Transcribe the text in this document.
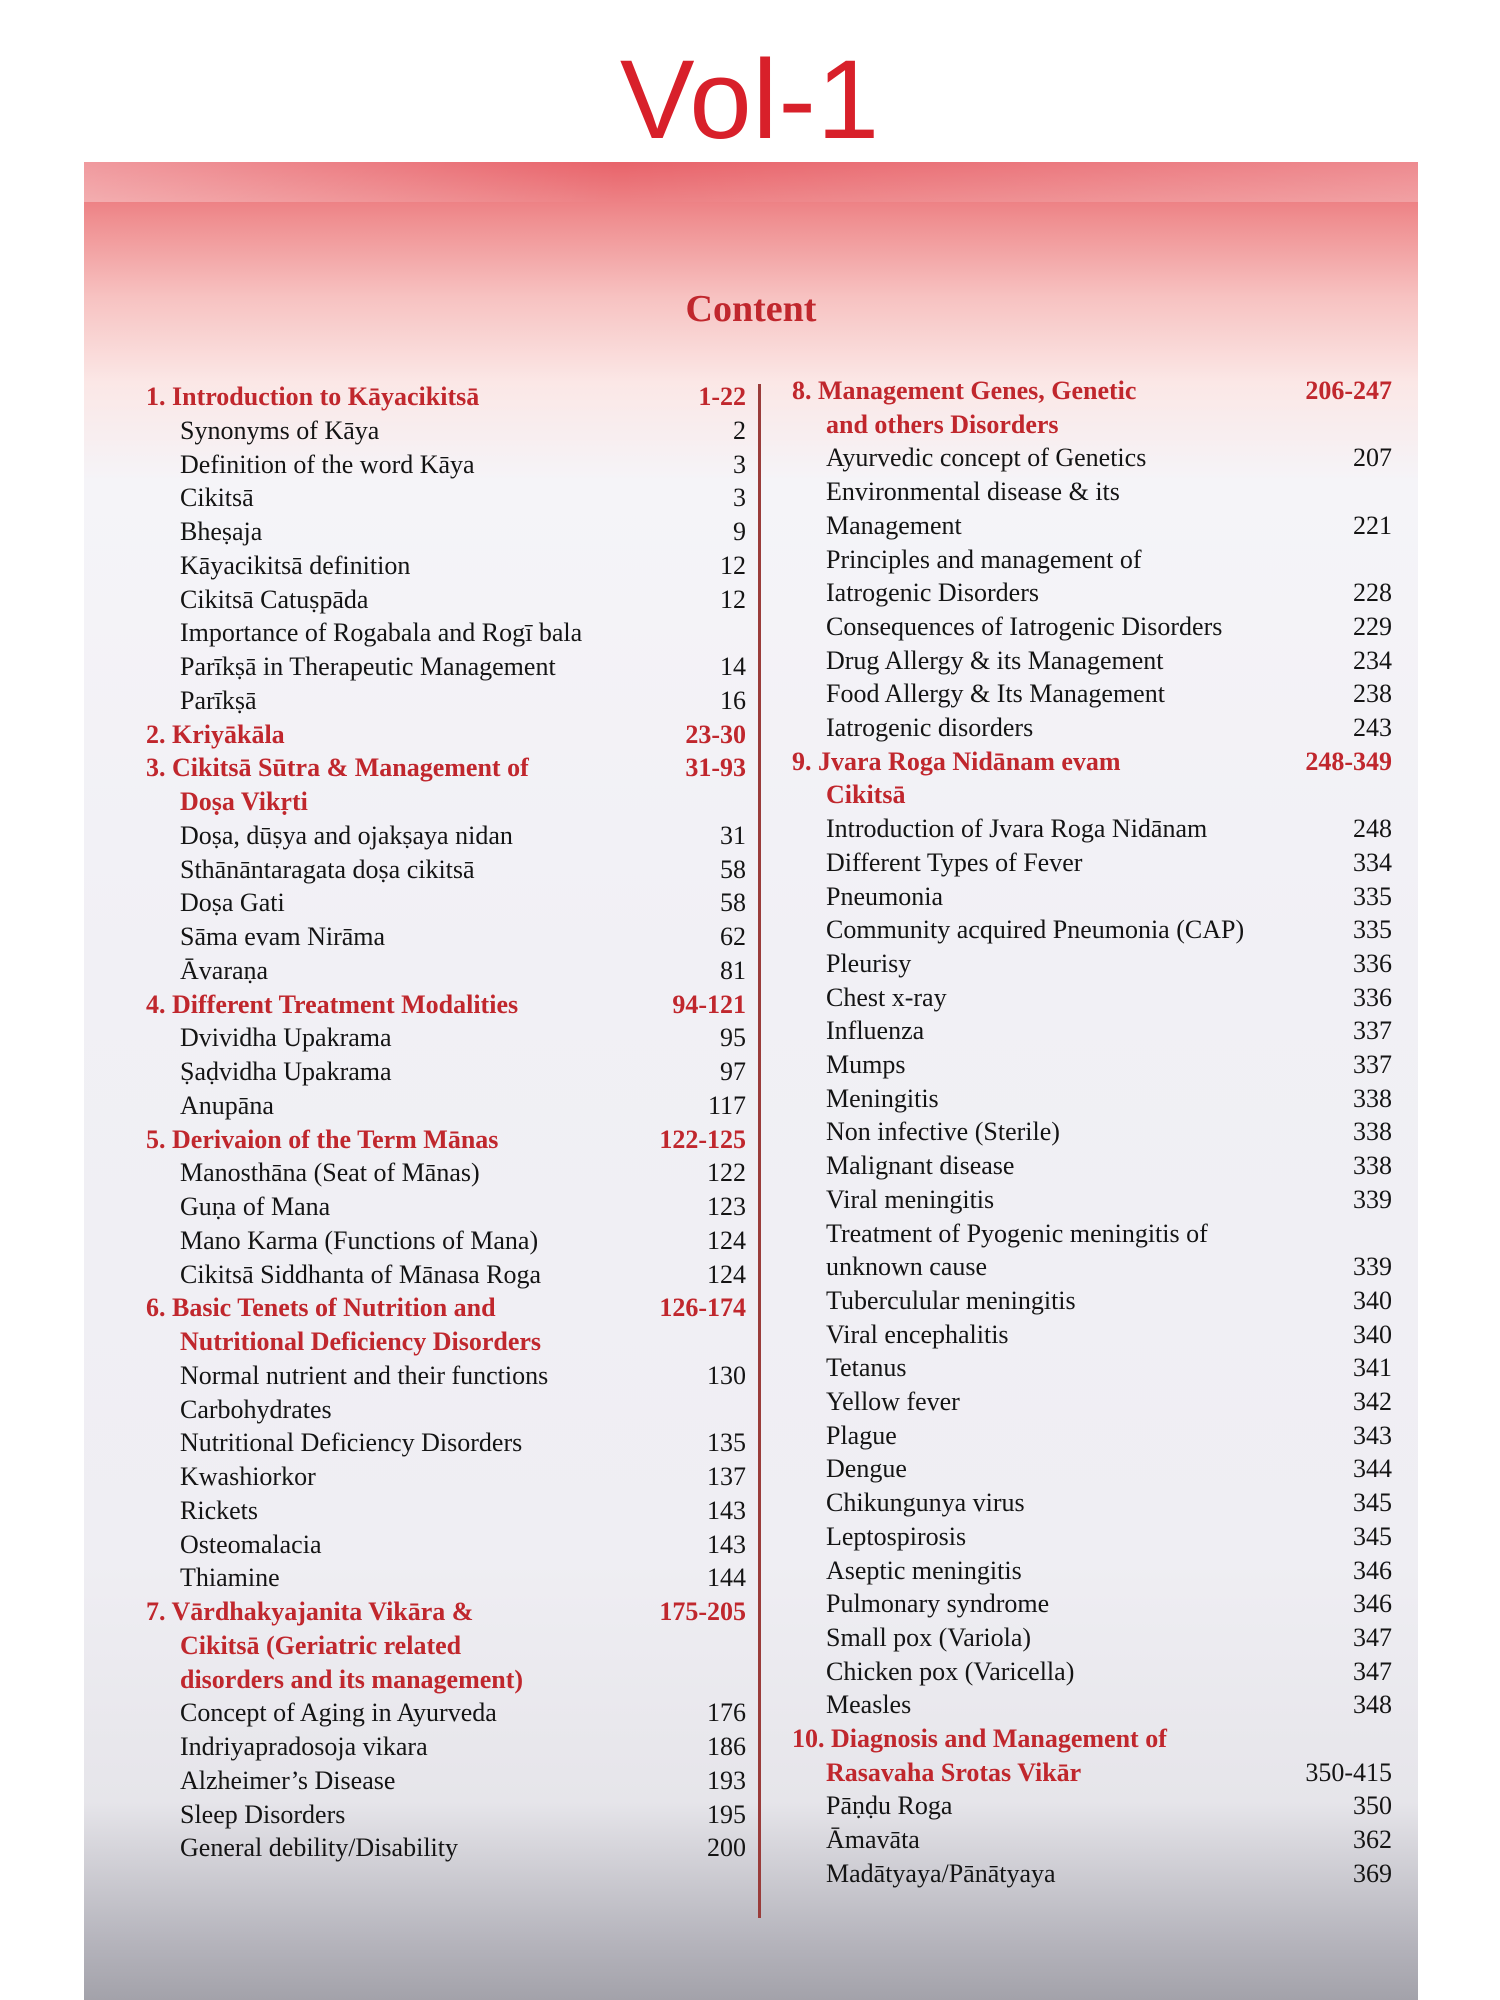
Vol-1
Content
1. Introduction to Kāyacikitsā	1-22
Synonyms of Kāya	2
Definition of the word Kāya	3
Cikitsā	3
Bheṣaja	9
Kāyacikitsā definition	12
Cikitsā Catuṣpāda	12
Importance of Rogabala and Rogī bala
Parīkṣā in Therapeutic Management	14
Parīkṣā	16
2. Kriyākāla	23-30
3. Cikitsā Sūtra & Management of	31-93
Doṣa Vikṛti
Doṣa, dūṣya and ojakṣaya nidan	31
Sthānāntaragata doṣa cikitsā	58
Doṣa Gati	58
Sāma evam Nirāma	62
Āvaraṇa	81
4. Different Treatment Modalities	94-121
Dvividha Upakrama	95
Ṣaḍvidha Upakrama	97
Anupāna	117
5. Derivaion of the Term Mānas	122-125
Manosthāna (Seat of Mānas)	122
Guṇa of Mana	123
Mano Karma (Functions of Mana)	124
Cikitsā Siddhanta of Mānasa Roga	124
6. Basic Tenets of Nutrition and	126-174
Nutritional Deficiency Disorders
Normal nutrient and their functions	130
Carbohydrates
Nutritional Deficiency Disorders	135
Kwashiorkor	137
Rickets	143
Osteomalacia	143
Thiamine	144
7. Vārdhakyajanita Vikāra &	175-205
Cikitsā (Geriatric related
disorders and its management)
Concept of Aging in Ayurveda	176
Indriyapradosoja vikara	186
Alzheimer’s Disease	193
Sleep Disorders	195
General debility/Disability	200
8. Management Genes, Genetic	206-247
and others Disorders
Ayurvedic concept of Genetics	207
Environmental disease & its
Management	221
Principles and management of
Iatrogenic Disorders	228
Consequences of Iatrogenic Disorders	229
Drug Allergy & its Management	234
Food Allergy & Its Management	238
Iatrogenic disorders	243
9. Jvara Roga Nidānam evam	248-349
Cikitsā
Introduction of Jvara Roga Nidānam	248
Different Types of Fever	334
Pneumonia	335
Community acquired Pneumonia (CAP)	335
Pleurisy	336
Chest x-ray	336
Influenza	337
Mumps	337
Meningitis	338
Non infective (Sterile)	338
Malignant disease	338
Viral meningitis	339
Treatment of Pyogenic meningitis of
unknown cause	339
Tuberculular meningitis	340
Viral encephalitis	340
Tetanus	341
Yellow fever	342
Plague	343
Dengue	344
Chikungunya virus	345
Leptospirosis	345
Aseptic meningitis	346
Pulmonary syndrome	346
Small pox (Variola)	347
Chicken pox (Varicella)	347
Measles	348
10. Diagnosis and Management of
Rasavaha Srotas Vikār	350-415
Pāṇḍu Roga	350
Āmavāta	362
Madātyaya/Pānātyaya	369
